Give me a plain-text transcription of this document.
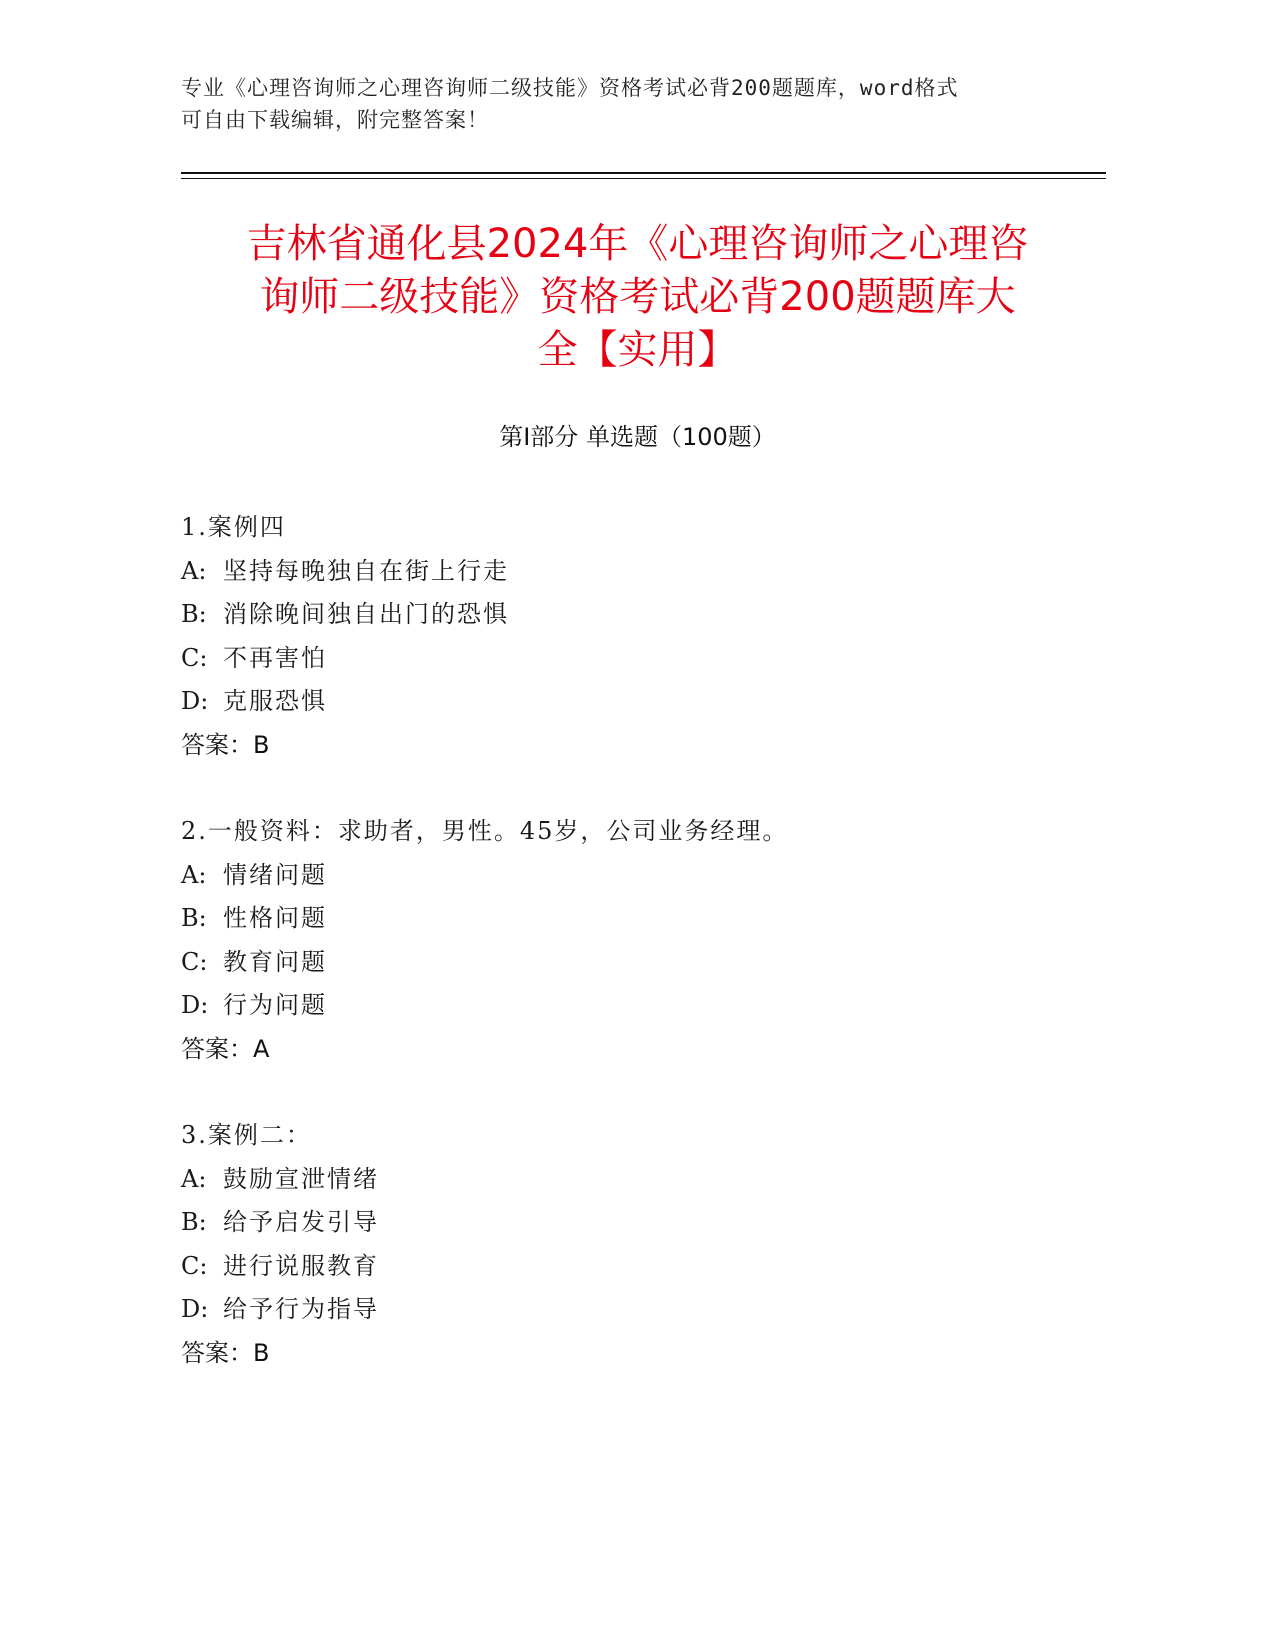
专业《心理咨询师之心理咨询师二级技能》资格考试必背200题题库，word格式
可自由下载编辑，附完整答案！
吉林省通化县2024年《心理咨询师之心理咨
询师二级技能》资格考试必背200题题库大
全【实用】
第Ⅰ部分 单选题（100题）
1.案例四
A: 坚持每晚独自在街上行走
B: 消除晚间独自出门的恐惧
C: 不再害怕
D: 克服恐惧
答案：B
2.一般资料：求助者，男性。45岁，公司业务经理。
A: 情绪问题
B: 性格问题
C: 教育问题
D: 行为问题
答案：A
3.案例二：
A: 鼓励宣泄情绪
B: 给予启发引导
C: 进行说服教育
D: 给予行为指导
答案：B
